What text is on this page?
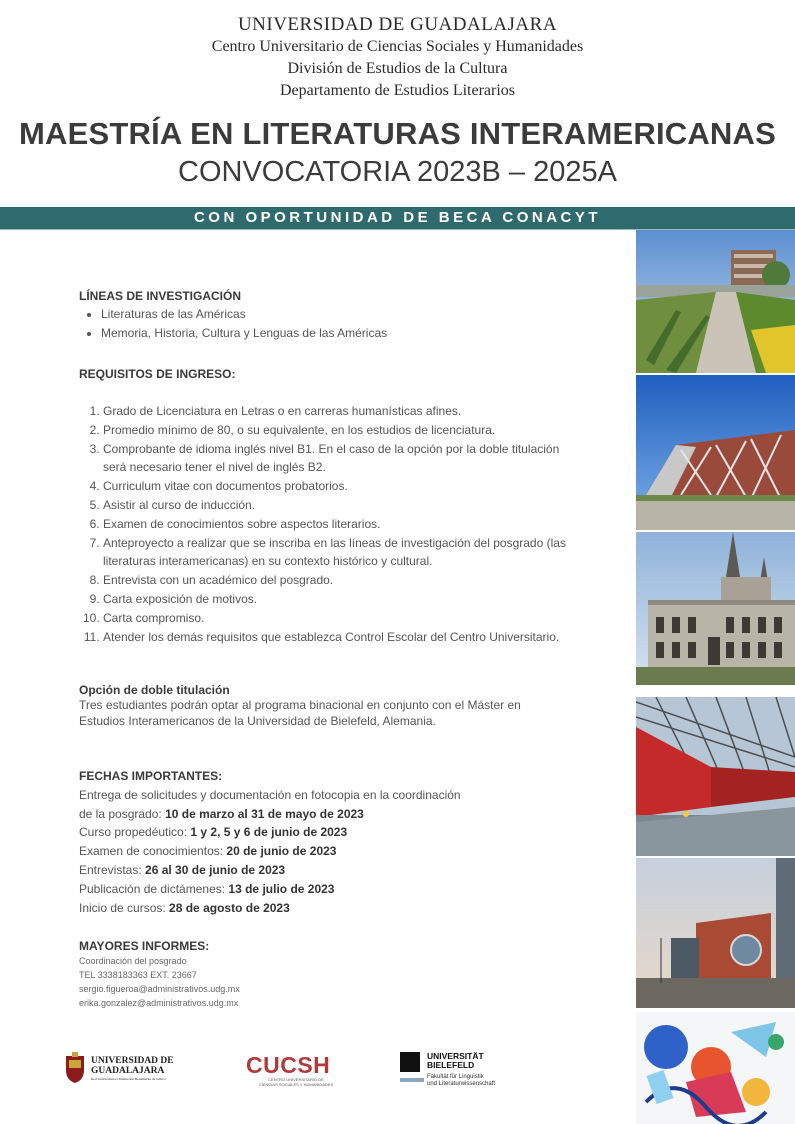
UNIVERSIDAD DE GUADALAJARA
Centro Universitario de Ciencias Sociales y Humanidades
División de Estudios de la Cultura
Departamento de Estudios Literarios
MAESTRÍA EN LITERATURAS INTERAMERICANAS
CONVOCATORIA 2023B – 2025A
CON OPORTUNIDAD DE BECA CONACYT
LÍNEAS DE INVESTIGACIÓN
• Literaturas de las Américas
• Memoria, Historia, Cultura y Lenguas de las Américas
REQUISITOS DE INGRESO:
1. Grado de Licenciatura en Letras o en carreras humanísticas afines.
2. Promedio mínimo de 80, o su equivalente, en los estudios de licenciatura.
3. Comprobante de idioma inglés nivel B1. En el caso de la opción por la doble titulación será necesario tener el nivel de inglés B2.
4. Curriculum vitae con documentos probatorios.
5. Asistir al curso de inducción.
6. Examen de conocimientos sobre aspectos literarios.
7. Anteproyecto a realizar que se inscriba en las líneas de investigación del posgrado (las literaturas interamericanas) en su contexto histórico y cultural.
8. Entrevista con un académico del posgrado.
9. Carta exposición de motivos.
10. Carta compromiso.
11. Atender los demás requisitos que establezca Control Escolar del Centro Universitario.
Opción de doble titulación
Tres estudiantes podrán optar al programa binacional en conjunto con el Máster en Estudios Interamericanos de la Universidad de Bielefeld, Alemania.
FECHAS IMPORTANTES:
Entrega de solicitudes y documentación en fotocopia en la coordinación
de la posgrado: 10 de marzo al 31 de mayo de 2023
Curso propedéutico: 1 y 2, 5 y 6 de junio de 2023
Examen de conocimientos: 20 de junio de 2023
Entrevistas: 26 al 30 de junio de 2023
Publicación de dictámenes: 13 de julio de 2023
Inicio de cursos: 28 de agosto de 2023
MAYORES INFORMES:
Coordinación del posgrado
TEL 3338183363 EXT. 23667
sergio.figueroa@administrativos.udg.mx
erika.gonzalez@administrativos.udg.mx
UNIVERSIDAD DE
GUADALAJARA
Red Universitaria e Institución Benemérita de Jalisco
CUCSH
CENTRO UNIVERSITARIO DE
CIENCIAS SOCIALES Y HUMANIDADES
UNIVERSITÄT
BIELEFELD
Fakultät für Linguistik
und Literaturwissenschaft
